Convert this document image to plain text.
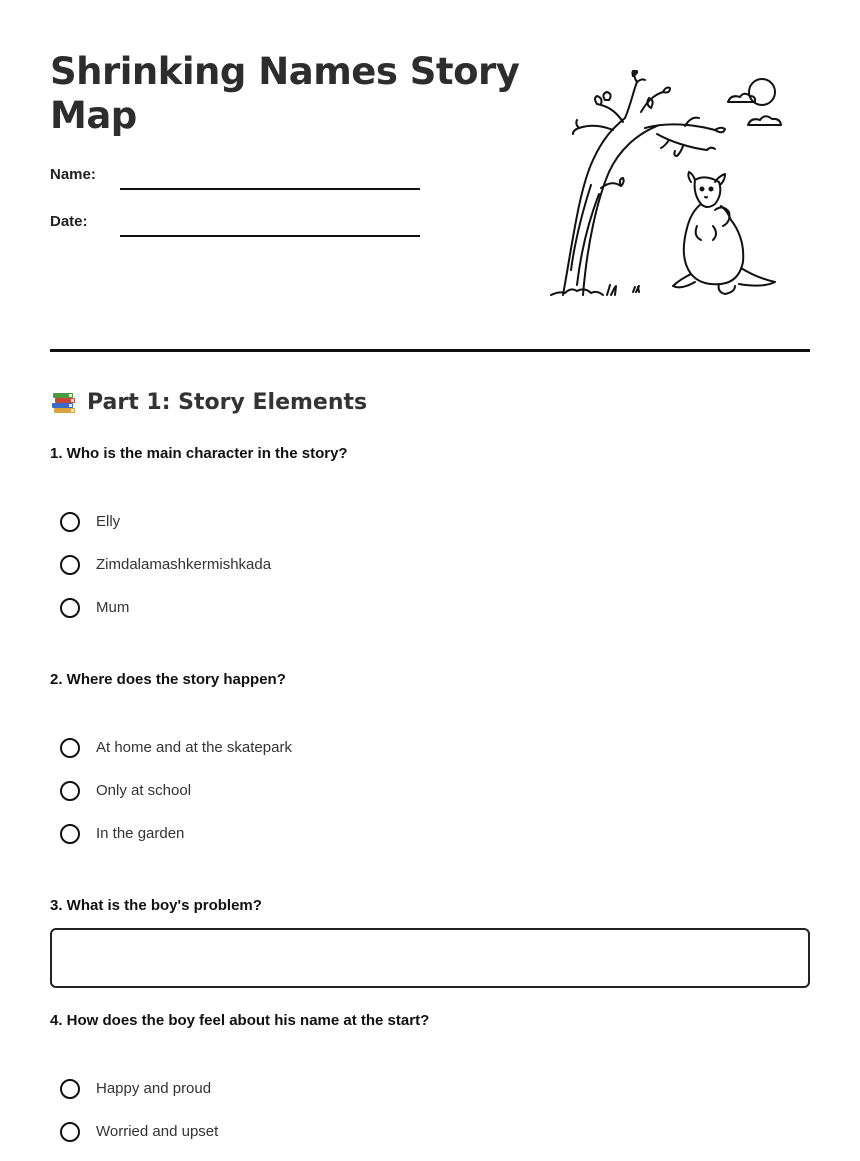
Shrinking Names Story Map
Name:
Date:
Part 1: Story Elements

1. Who is the main character in the story?

Elly
Zimdalamashkermishkada
Mum

2. Where does the story happen?

At home and at the skatepark
Only at school
In the garden

3. What is the boy's problem?

4. How does the boy feel about his name at the start?

Happy and proud
Worried and upset
